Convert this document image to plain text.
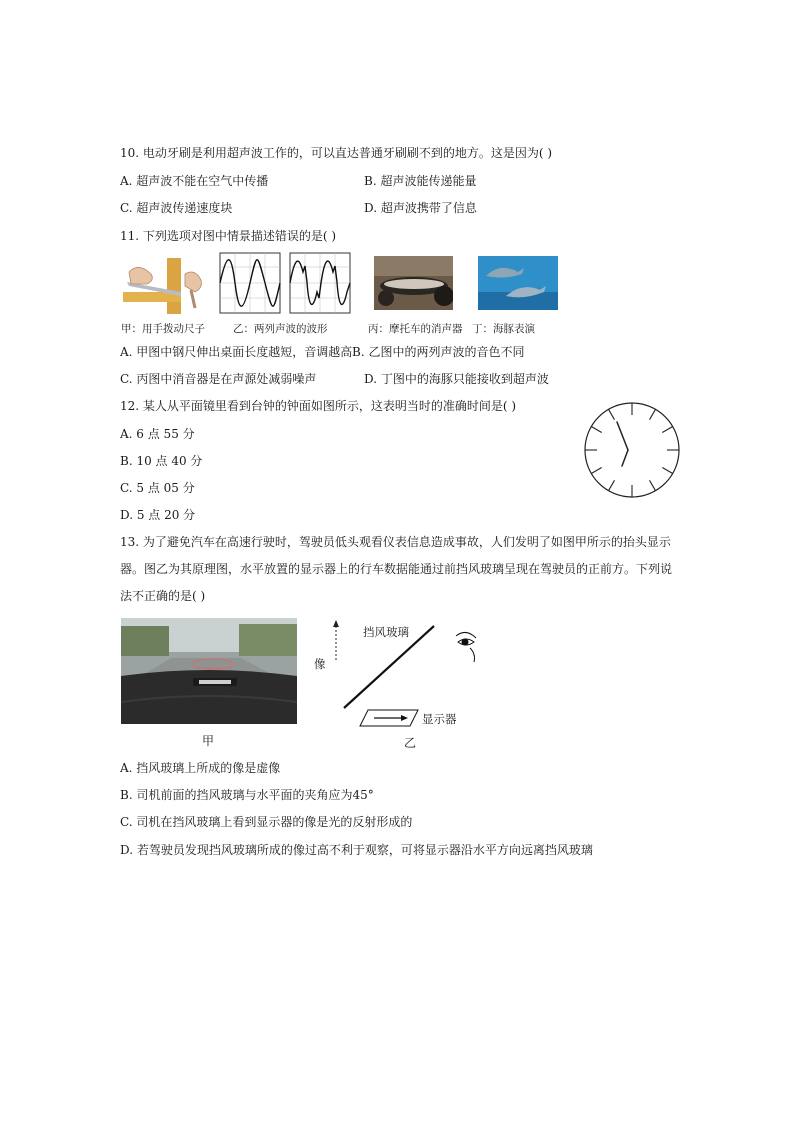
10. 电动牙刷是利用超声波工作的，可以直达普通牙刷刷不到的地方。这是因为( )
A. 超声波不能在空气中传播	B. 超声波能传递能量
C. 超声波传递速度块	D. 超声波携带了信息
11. 下列选项对图中情景描述错误的是( )
甲：用手拨动尺子	乙：两列声波的波形	丙：摩托车的消声器 丁：海豚表演
A. 甲图中钢尺伸出桌面长度越短，音调越高 B. 乙图中的两列声波的音色不同
C. 丙图中消音器是在声源处减弱噪声	D. 丁图中的海豚只能接收到超声波
12. 某人从平面镜里看到台钟的钟面如图所示，这表明当时的准确时间是( )
A. 6 点 55 分
B. 10 点 40 分
C. 5 点 05 分
D. 5 点 20 分
13. 为了避免汽车在高速行驶时，驾驶员低头观看仪表信息造成事故，人们发明了如图甲所示的抬头显示
器。图乙为其原理图，水平放置的显示器上的行车数据能通过前挡风玻璃呈现在驾驶员的正前方。下列说
法不正确的是( )
甲
挡风玻璃
像
显示器
乙
A. 挡风玻璃上所成的像是虚像
B. 司机前面的挡风玻璃与水平面的夹角应为45°
C. 司机在挡风玻璃上看到显示器的像是光的反射形成的
D. 若驾驶员发现挡风玻璃所成的像过高不利于观察，可将显示器沿水平方向远离挡风玻璃
